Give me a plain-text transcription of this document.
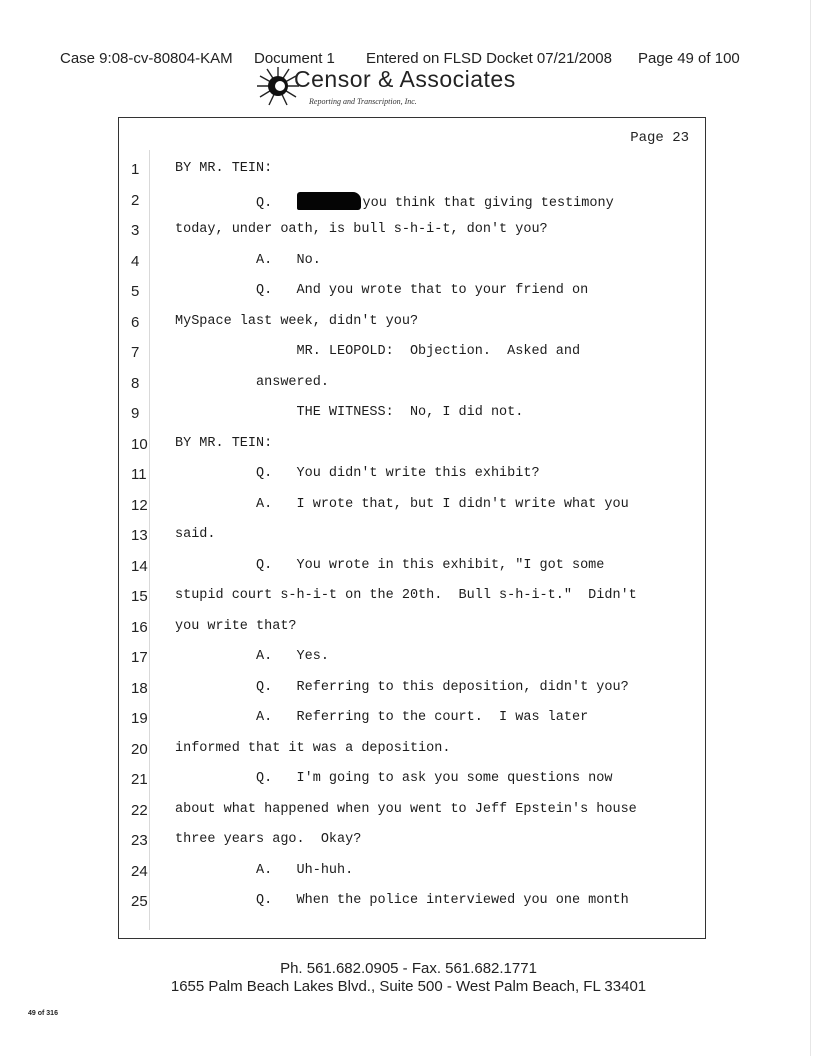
Case 9:08-cv-80804-KAM

Document 1

Entered on FLSD Docket 07/21/2008

Page 49 of 100

Censor & Associates
Reporting and Transcription, Inc.
Page 23
1	BY MR. TEIN:
2	Q.	you think that giving testimony
3	today, under oath, is bull s-h-i-t, don't you?
4	A.   No.
5	Q.   And you wrote that to your friend on
6	MySpace last week, didn't you?
7	MR. LEOPOLD:  Objection.  Asked and
8	answered.
9	THE WITNESS:  No, I did not.
10	BY MR. TEIN:
11	Q.   You didn't write this exhibit?
12	A.   I wrote that, but I didn't write what you
13	said.
14	Q.   You wrote in this exhibit, "I got some
15	stupid court s-h-i-t on the 20th.  Bull s-h-i-t."  Didn't
16	you write that?
17	A.   Yes.
18	Q.   Referring to this deposition, didn't you?
19	A.   Referring to the court.  I was later
20	informed that it was a deposition.
21	Q.   I'm going to ask you some questions now
22	about what happened when you went to Jeff Epstein's house
23	three years ago.  Okay?
24	A.   Uh-huh.
25	Q.   When the police interviewed you one month
Ph. 561.682.0905 - Fax. 561.682.1771
1655 Palm Beach Lakes Blvd., Suite 500 - West Palm Beach, FL 33401
49 of 316
